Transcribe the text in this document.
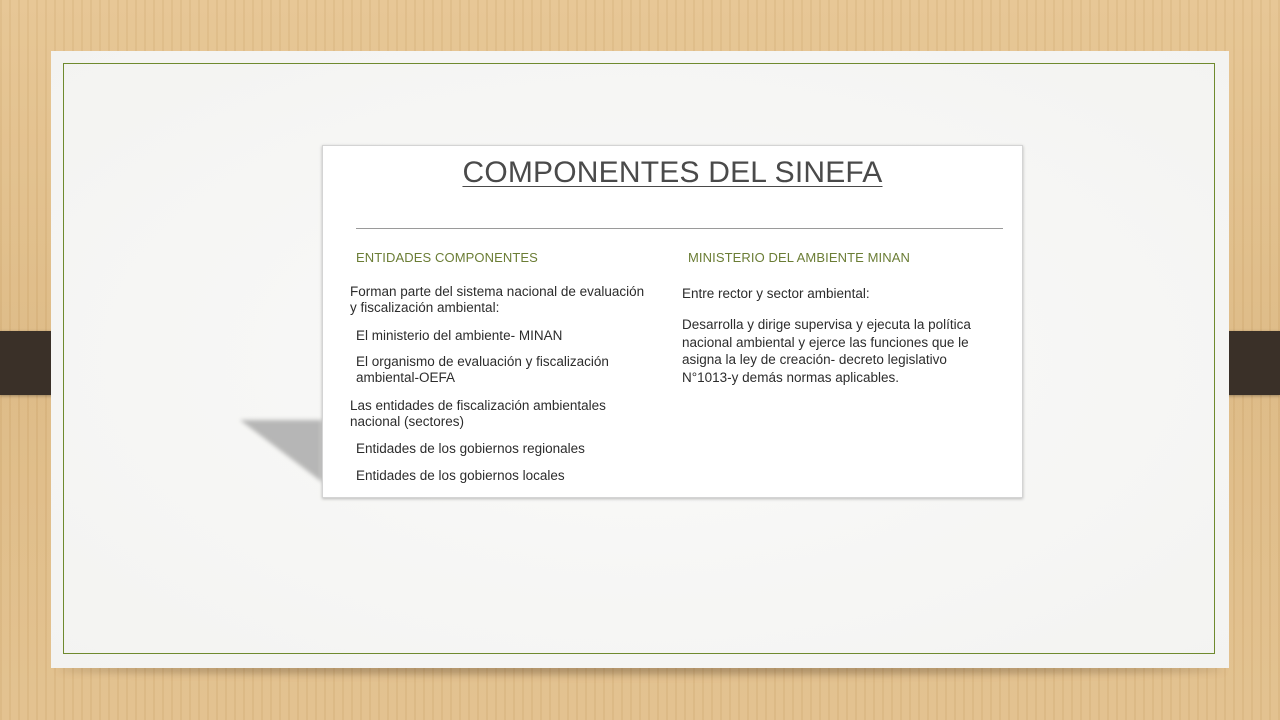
COMPONENTES DEL SINEFA
ENTIDADES COMPONENTES
Forman parte del sistema nacional de evaluación y fiscalización ambiental:
El ministerio del ambiente- MINAN
El organismo de evaluación y fiscalización ambiental-OEFA
Las entidades de fiscalización ambientales nacional (sectores)
Entidades de los gobiernos regionales
Entidades de los gobiernos locales
MINISTERIO DEL AMBIENTE MINAN
Entre rector y sector ambiental:
Desarrolla y dirige supervisa y ejecuta la política nacional ambiental y ejerce las funciones que le asigna la ley de creación- decreto legislativo N°1013-y demás normas aplicables.
